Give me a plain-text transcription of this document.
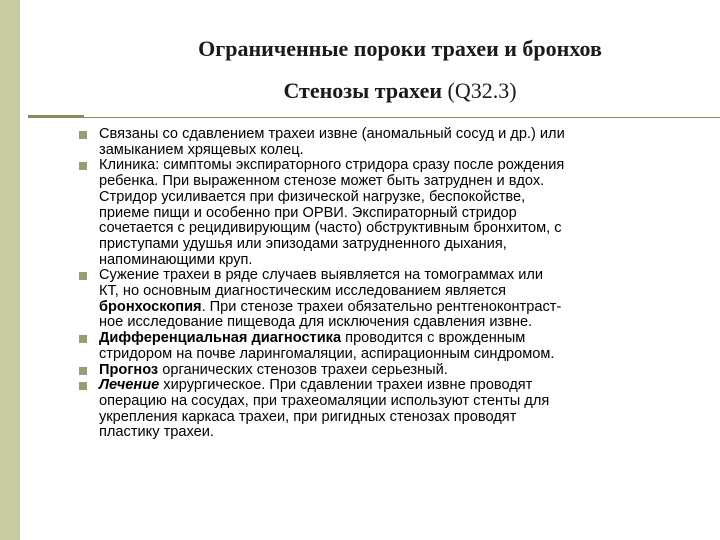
Ограниченные пороки трахеи и бронхов
Стенозы трахеи (Q32.3)
Связаны со сдавлением трахеи извне (аномальный сосуд и др.) или
замыканием хрящевых колец.
Клиника: симптомы экспираторного стридора сразу после рождения
ребенка. При выраженном стенозе может быть затруднен и вдох.
Стридор усиливается при физической нагрузке, беспокойстве,
приеме пищи и особенно при ОРВИ. Экспираторный стридор
сочетается с рецидивирующим (часто) обструктивным бронхитом, с
приступами удушья или эпизодами затрудненного дыхания,
напоминающими круп.
Сужение трахеи в ряде случаев выявляется на томограммах или
КТ, но основным диагностическим исследованием является
бронхоскопия. При стенозе трахеи обязательно рентгеноконтраст-
ное исследование пищевода для исключения сдавления извне.
Дифференциальная диагностика проводится с врожденным
стридором на почве ларингомаляции, аспирационным синдромом.
Прогноз органических стенозов трахеи серьезный.
Лечение хирургическое. При сдавлении трахеи извне проводят
операцию на сосудах, при трахеомаляции используют стенты для
укрепления каркаса трахеи, при ригидных стенозах проводят
пластику трахеи.
